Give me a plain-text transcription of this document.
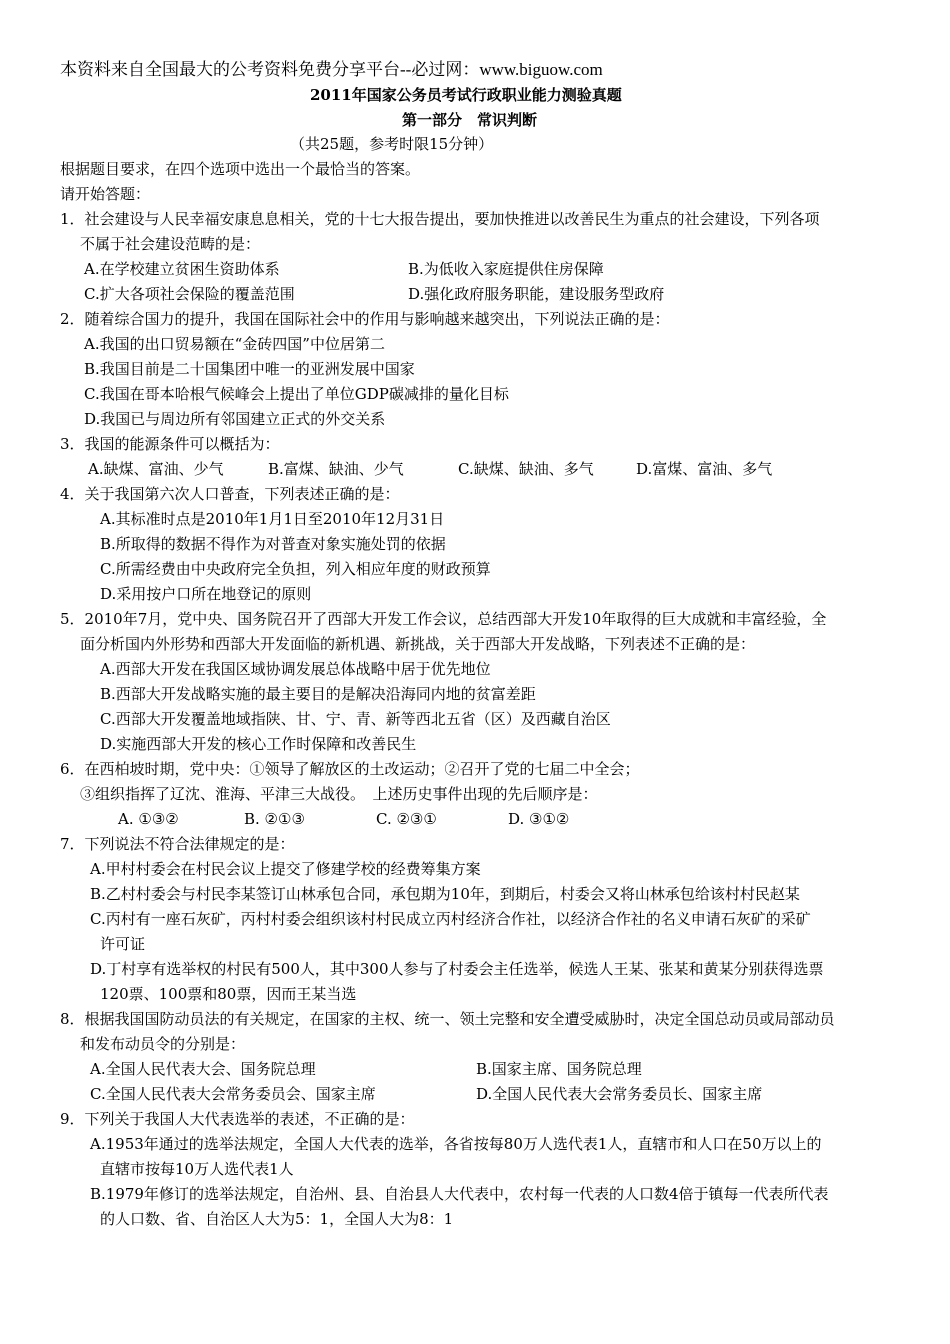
本资料来自全国最大的公考资料免费分享平台--必过网：www.biguow.com
2011年国家公务员考试行政职业能力测验真题
第一部分　常识判断
（共25题，参考时限15分钟）
根据题目要求，在四个选项中选出一个最恰当的答案。
请开始答题：
1．社会建设与人民幸福安康息息相关，党的十七大报告提出，要加快推进以改善民生为重点的社会建设，下列各项
不属于社会建设范畴的是：
A.在学校建立贫困生资助体系	B.为低收入家庭提供住房保障
C.扩大各项社会保险的覆盖范围	D.强化政府服务职能，建设服务型政府
2．随着综合国力的提升，我国在国际社会中的作用与影响越来越突出，下列说法正确的是：
A.我国的出口贸易额在“金砖四国”中位居第二
B.我国目前是二十国集团中唯一的亚洲发展中国家
C.我国在哥本哈根气候峰会上提出了单位GDP碳减排的量化目标
D.我国已与周边所有邻国建立正式的外交关系
3．我国的能源条件可以概括为：
A.缺煤、富油、少气	B.富煤、缺油、少气	C.缺煤、缺油、多气	D.富煤、富油、多气
4．关于我国第六次人口普查，下列表述正确的是：
A.其标准时点是2010年1月1日至2010年12月31日
B.所取得的数据不得作为对普查对象实施处罚的依据
C.所需经费由中央政府完全负担，列入相应年度的财政预算
D.采用按户口所在地登记的原则
5．2010年7月，党中央、国务院召开了西部大开发工作会议，总结西部大开发10年取得的巨大成就和丰富经验，全
面分析国内外形势和西部大开发面临的新机遇、新挑战，关于西部大开发战略，下列表述不正确的是：
A.西部大开发在我国区域协调发展总体战略中居于优先地位
B.西部大开发战略实施的最主要目的是解决沿海同内地的贫富差距
C.西部大开发覆盖地域指陕、甘、宁、青、新等西北五省（区）及西藏自治区
D.实施西部大开发的核心工作时保障和改善民生
6．在西柏坡时期，党中央：①领导了解放区的土改运动；②召开了党的七届二中全会；
③组织指挥了辽沈、淮海、平津三大战役。　上述历史事件出现的先后顺序是：
A. ①③②	B. ②①③	C. ②③①	D. ③①②
7．下列说法不符合法律规定的是：
A.甲村村委会在村民会议上提交了修建学校的经费筹集方案
B.乙村村委会与村民李某签订山林承包合同，承包期为10年，到期后，村委会又将山林承包给该村村民赵某
C.丙村有一座石灰矿，丙村村委会组织该村村民成立丙村经济合作社，以经济合作社的名义申请石灰矿的采矿
许可证
D.丁村享有选举权的村民有500人，其中300人参与了村委会主任选举，候选人王某、张某和黄某分别获得选票
120票、100票和80票，因而王某当选
8．根据我国国防动员法的有关规定，在国家的主权、统一、领土完整和安全遭受威胁时，决定全国总动员或局部动员
和发布动员令的分别是：
A.全国人民代表大会、国务院总理	B.国家主席、国务院总理
C.全国人民代表大会常务委员会、国家主席	D.全国人民代表大会常务委员长、国家主席
9．下列关于我国人大代表选举的表述，不正确的是：
A.1953年通过的选举法规定，全国人大代表的选举，各省按每80万人选代表1人，直辖市和人口在50万以上的
直辖市按每10万人选代表1人
B.1979年修订的选举法规定，自治州、县、自治县人大代表中，农村每一代表的人口数4倍于镇每一代表所代表
的人口数、省、自治区人大为5：1，全国人大为8：1
